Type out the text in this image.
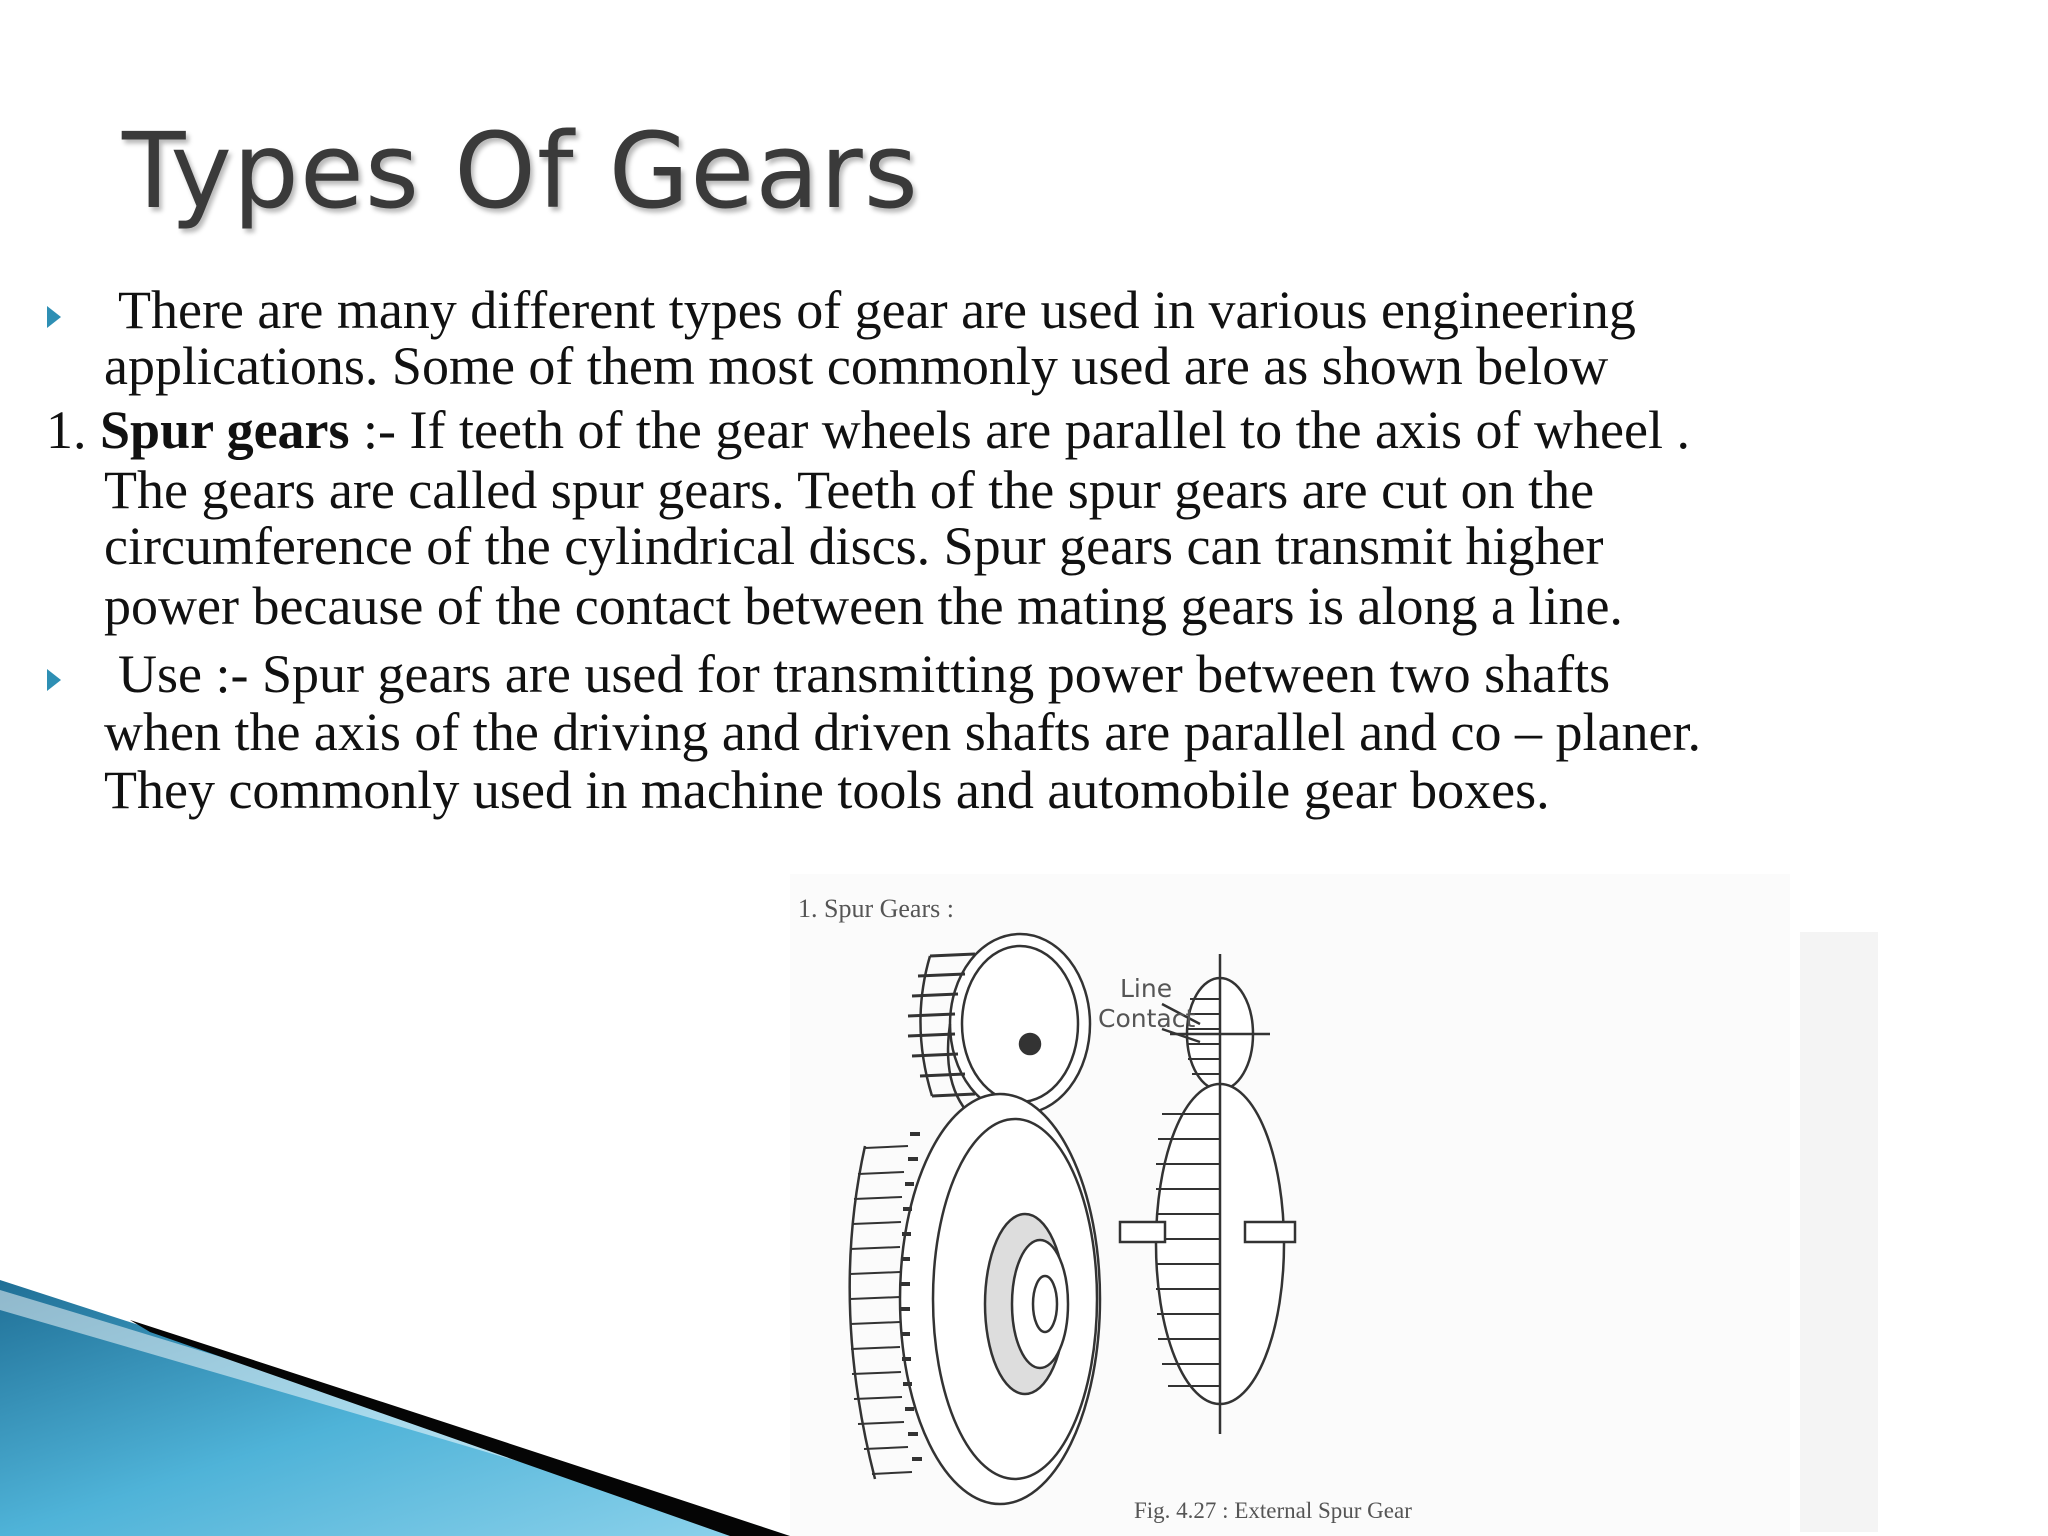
Types Of Gears
There are many different types of gear are used in various engineering
applications. Some of them most commonly used are as shown below
1. Spur gears :- If teeth of the gear wheels are parallel to the axis of wheel .
The gears are called spur gears. Teeth of the spur gears are cut on the
circumference of the cylindrical discs. Spur gears can transmit higher
power because of the contact between the mating gears is along a line.
Use :- Spur gears are used for transmitting power between two shafts
when the axis of the driving and driven shafts are parallel and co – planer.
They commonly used in machine tools and automobile gear boxes.
1. Spur Gears :
Line
Contact
Fig. 4.27 : External Spur Gear
